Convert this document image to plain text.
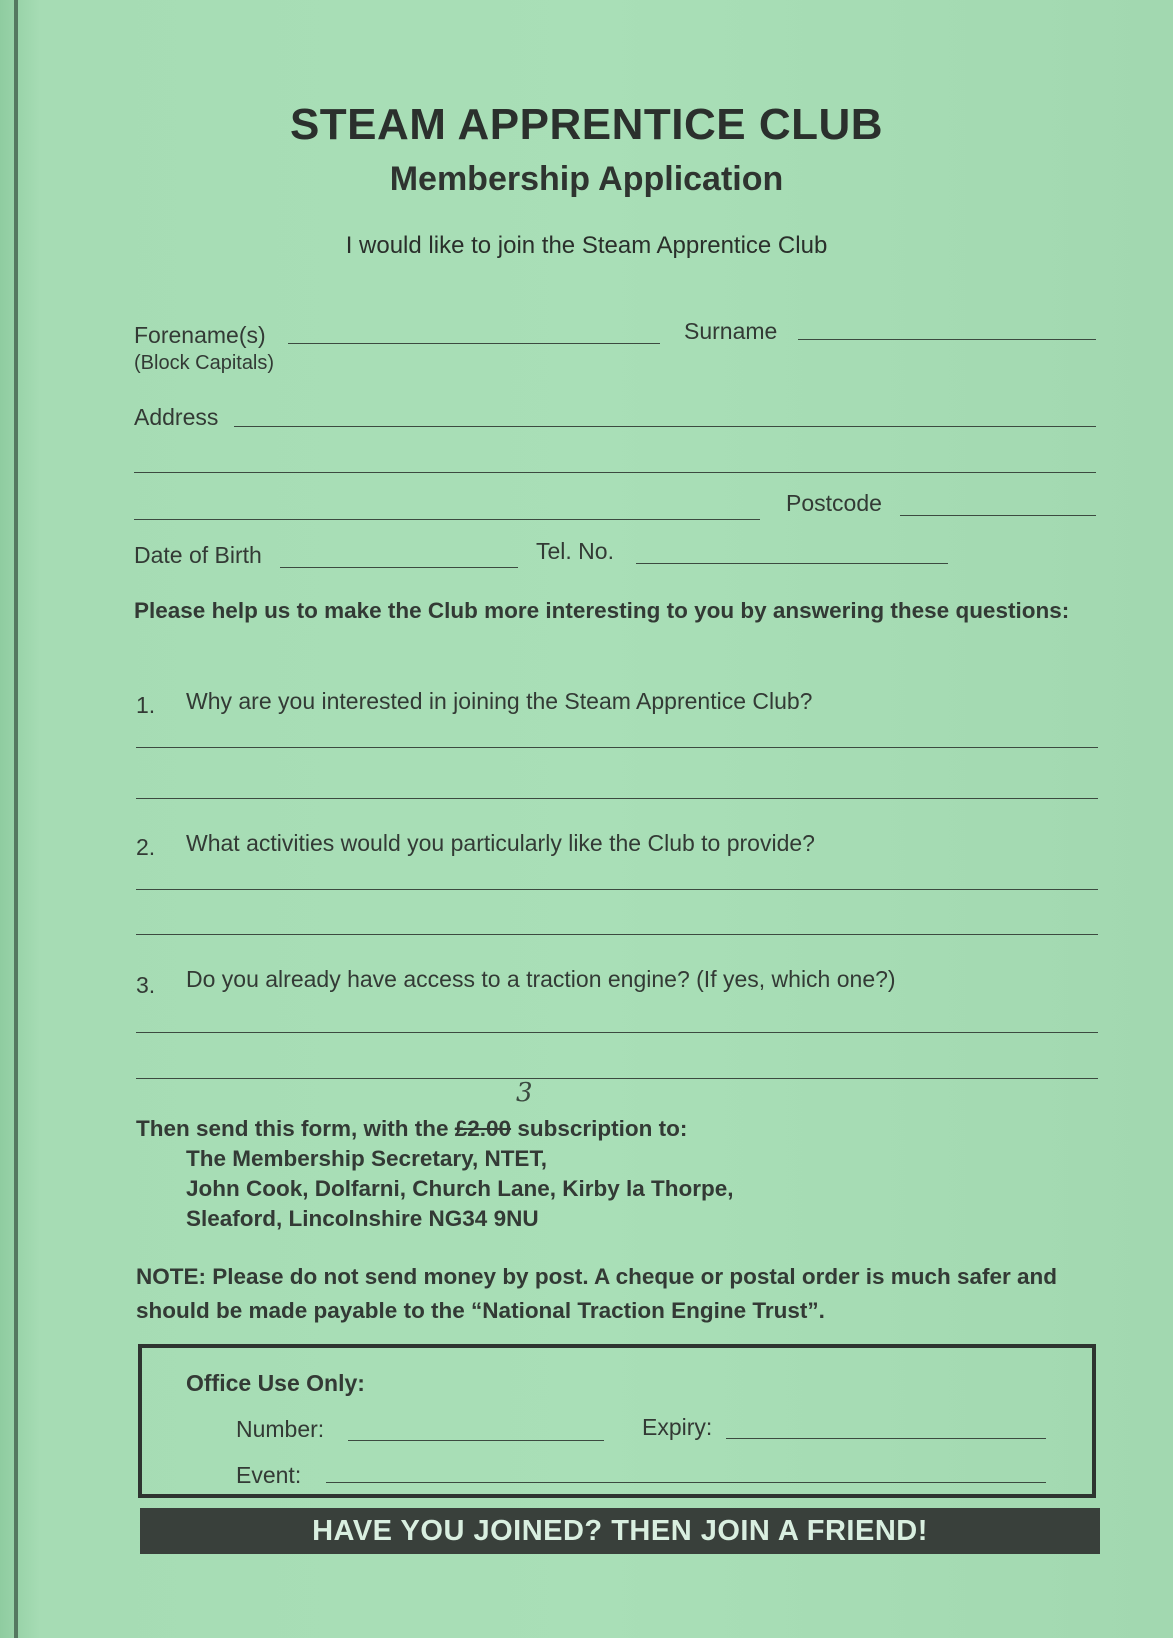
STEAM APPRENTICE CLUB
Membership Application
I would like to join the Steam Apprentice Club
Forename(s)
(Block Capitals)
Surname
Address
Postcode
Date of Birth	Tel. No.
Please help us to make the Club more interesting to you by answering these questions:
1. Why are you interested in joining the Steam Apprentice Club?
2. What activities would you particularly like the Club to provide?
3. Do you already have access to a traction engine? (If yes, which one?)
3
Then send this form, with the £2.00 subscription to:
The Membership Secretary, NTET,
John Cook, Dolfarni, Church Lane, Kirby la Thorpe,
Sleaford, Lincolnshire NG34 9NU
NOTE: Please do not send money by post. A cheque or postal order is much safer and should be made payable to the “National Traction Engine Trust”.
Office Use Only:
Number:	Expiry:
Event:
HAVE YOU JOINED? THEN JOIN A FRIEND!
